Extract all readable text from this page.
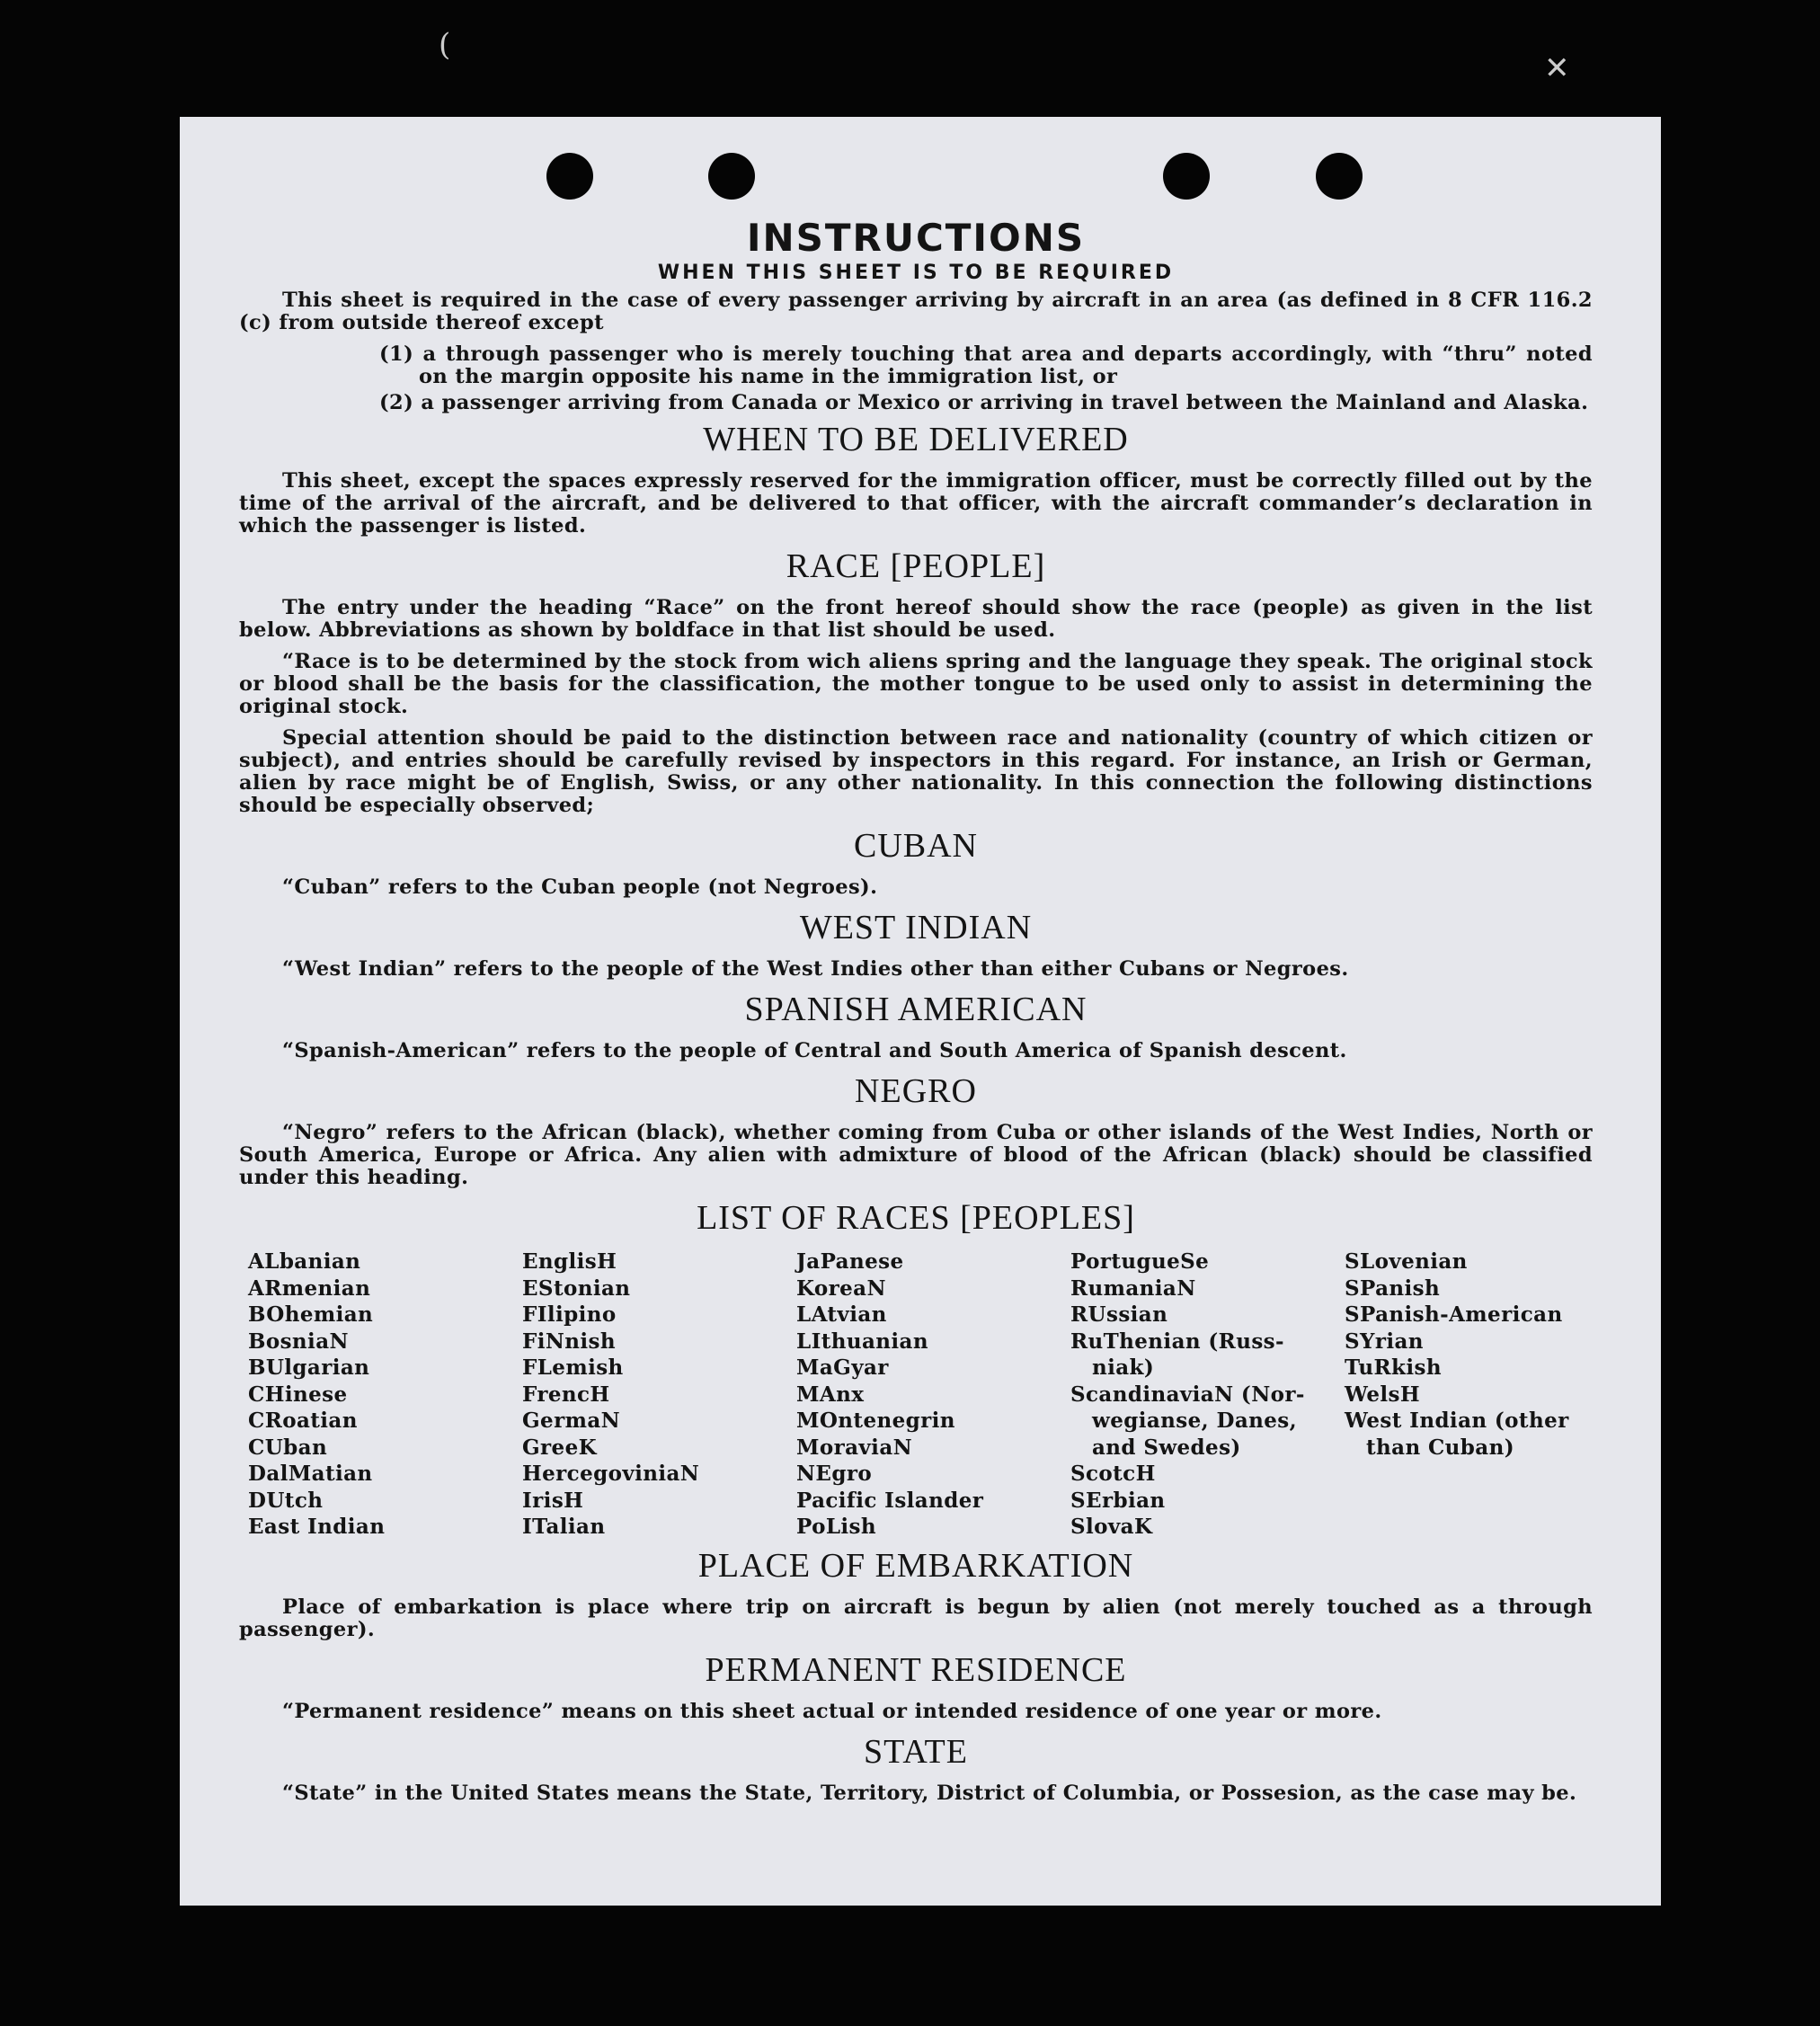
(
✕
INSTRUCTIONS
WHEN THIS SHEET IS TO BE REQUIRED

This sheet is required in the case of every passenger arriving by aircraft in an area (as defined in 8 CFR 116.2 (c) from outside thereof except

(1) a through passenger who is merely touching that area and departs accordingly, with “thru” noted on the margin opposite his name in the immigration list, or

(2) a passenger arriving from Canada or Mexico or arriving in travel between the Mainland and Alaska.

WHEN TO BE DELIVERED

This sheet, except the spaces expressly reserved for the immigration officer, must be correctly filled out by the time of the arrival of the aircraft, and be delivered to that officer, with the aircraft commander’s declaration in which the passenger is listed.

RACE [PEOPLE]

The entry under the heading “Race” on the front hereof should show the race (people) as given in the list below. Abbreviations as shown by boldface in that list should be used.

“Race is to be determined by the stock from wich aliens spring and the language they speak. The original stock or blood shall be the basis for the classification, the mother tongue to be used only to assist in determining the original stock.

Special attention should be paid to the distinction between race and nationality (country of which citizen or subject), and entries should be carefully revised by inspectors in this regard. For instance, an Irish or German, alien by race might be of English, Swiss, or any other nationality. In this connection the following distinctions should be especially observed;

CUBAN

“Cuban” refers to the Cuban people (not Negroes).

WEST INDIAN

“West Indian” refers to the people of the West Indies other than either Cubans or Negroes.

SPANISH AMERICAN

“Spanish-American” refers to the people of Central and South America of Spanish descent.

NEGRO

“Negro” refers to the African (black), whether coming from Cuba or other islands of the West Indies, North or South America, Europe or Africa. Any alien with admixture of blood of the African (black) should be classified under this heading.

LIST OF RACES [PEOPLES]
ALbanian
ARmenian
BOhemian
BosniaN
BUlgarian
CHinese
CRoatian
CUban
DalMatian
DUtch
East Indian
EnglisH
EStonian
FIlipino
FiNnish
FLemish
FrencH
GermaN
GreeK
HercegoviniaN
IrisH
ITalian
JaPanese
KoreaN
LAtvian
LIthuanian
MaGyar
MAnx
MOntenegrin
MoraviaN
NEgro
Pacific Islander
PoLish
PortugueSe
RumaniaN
RUssian
RuThenian (Russ-
niak)
ScandinaviaN (Nor-
wegianse, Danes,
and Swedes)
ScotcH
SErbian
SlovaK
SLovenian
SPanish
SPanish-American
SYrian
TuRkish
WelsH
West Indian (other
than Cuban)
PLACE OF EMBARKATION

Place of embarkation is place where trip on aircraft is begun by alien (not merely touched as a through passenger).

PERMANENT RESIDENCE

“Permanent residence” means on this sheet actual or intended residence of one year or more.

STATE

“State” in the United States means the State, Territory, District of Columbia, or Possesion, as the case may be.
